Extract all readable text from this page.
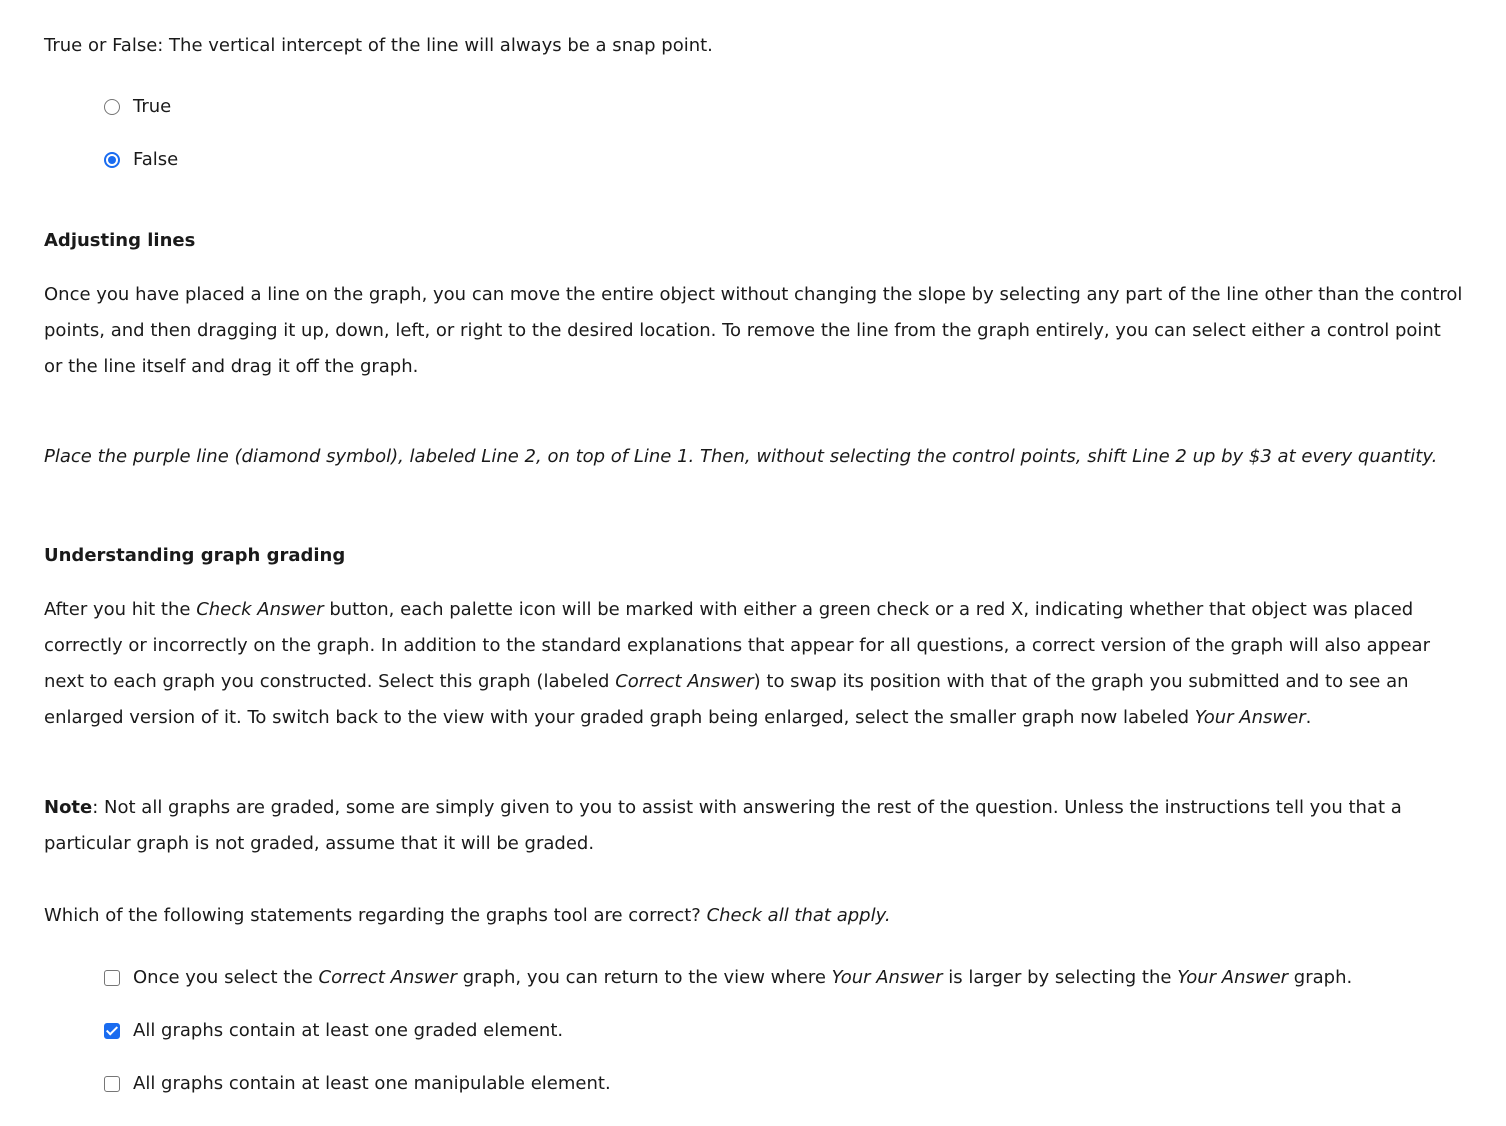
True or False: The vertical intercept of the line will always be a snap point.

True
False
Adjusting lines

Once you have placed a line on the graph, you can move the entire object without changing the slope by selecting any part of the line other than the control points, and then dragging it up, down, left, or right to the desired location. To remove the line from the graph entirely, you can select either a control point or the line itself and drag it off the graph.

Place the purple line (diamond symbol), labeled Line 2, on top of Line 1. Then, without selecting the control points, shift Line 2 up by $3 at every quantity.

Understanding graph grading

After you hit the Check Answer button, each palette icon will be marked with either a green check or a red X, indicating whether that object was placed correctly or incorrectly on the graph. In addition to the standard explanations that appear for all questions, a correct version of the graph will also appear next to each graph you constructed. Select this graph (labeled Correct Answer) to swap its position with that of the graph you submitted and to see an enlarged version of it. To switch back to the view with your graded graph being enlarged, select the smaller graph now labeled Your Answer.

Note: Not all graphs are graded, some are simply given to you to assist with answering the rest of the question. Unless the instructions tell you that a particular graph is not graded, assume that it will be graded.

Which of the following statements regarding the graphs tool are correct? Check all that apply.

Once you select the Correct Answer graph, you can return to the view where Your Answer is larger by selecting the Your Answer graph.
All graphs contain at least one graded element.
All graphs contain at least one manipulable element.
